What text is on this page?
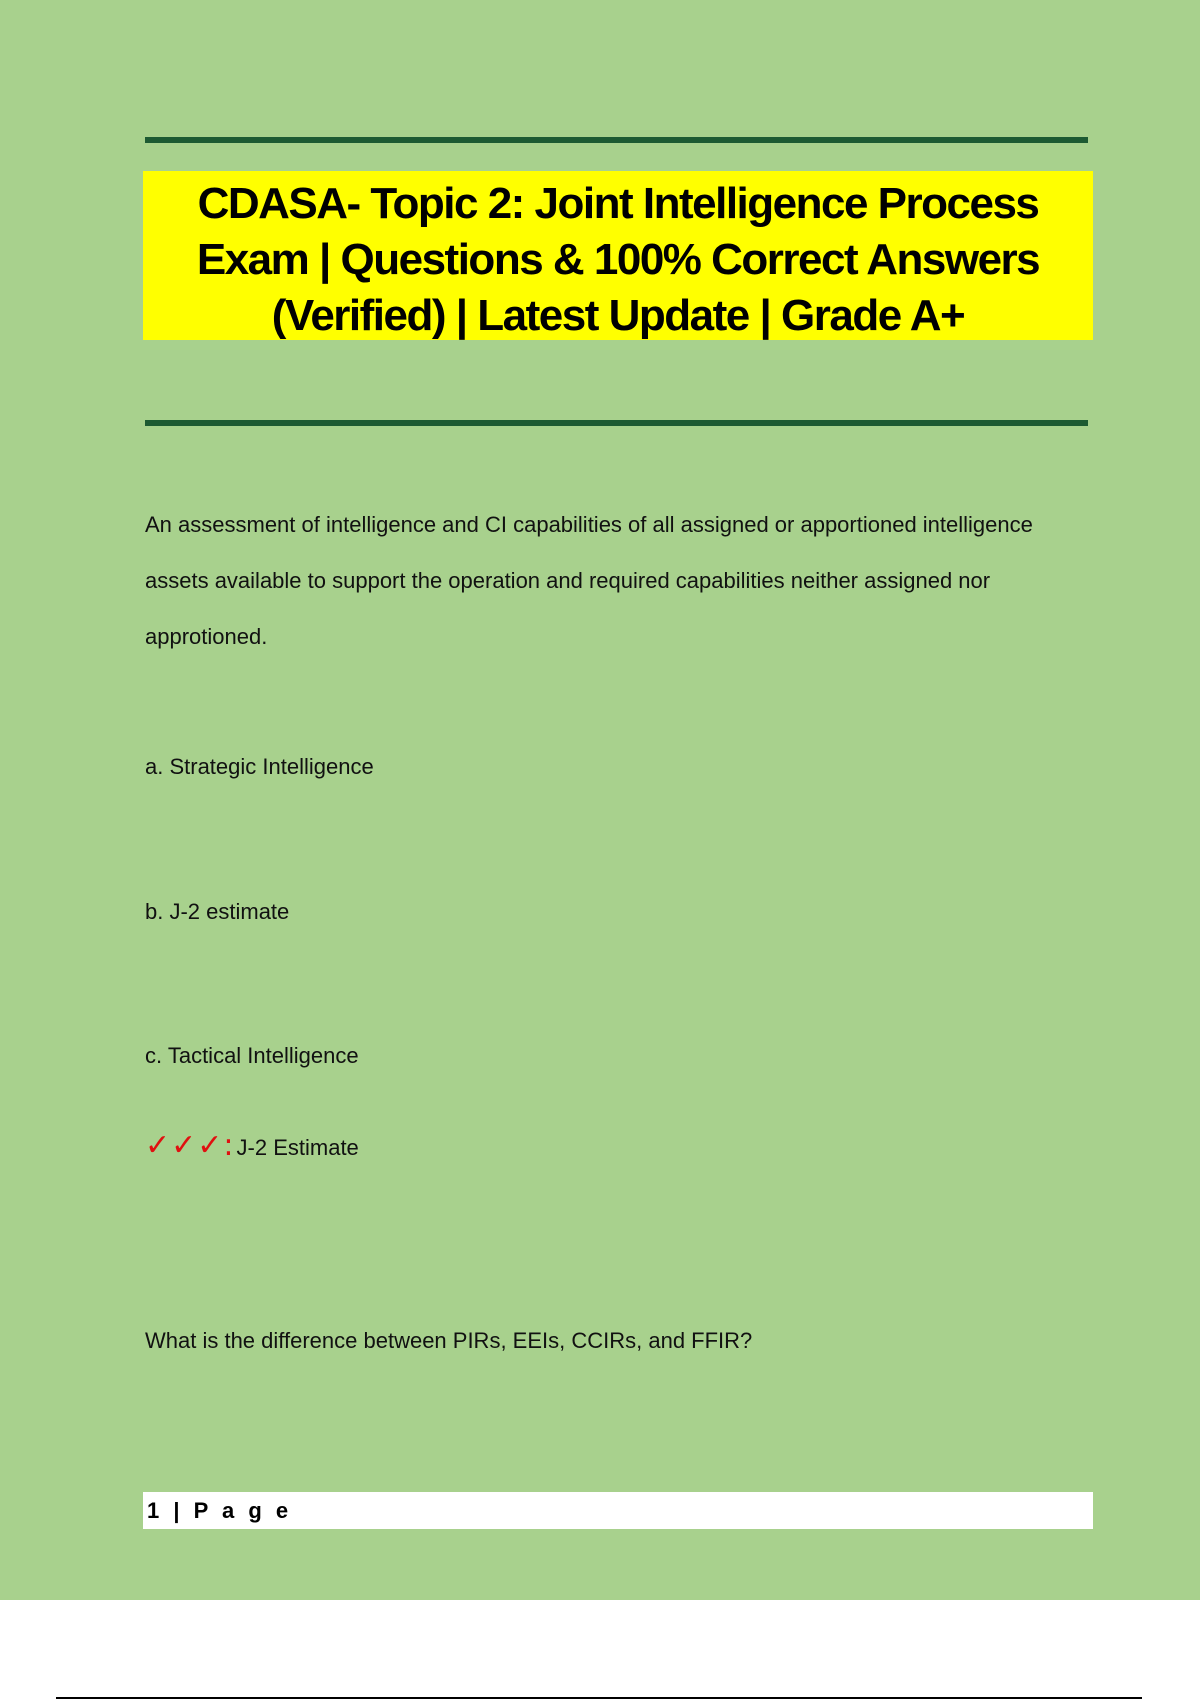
CDASA- Topic 2: Joint Intelligence Process Exam | Questions & 100% Correct Answers (Verified) | Latest Update | Grade A+

An assessment of intelligence and CI capabilities of all assigned or apportioned intelligence assets available to support the operation and required capabilities neither assigned nor approtioned.

a. Strategic Intelligence

b. J-2 estimate

c. Tactical Intelligence

✓✓✓: J-2 Estimate

What is the difference between PIRs, EEIs, CCIRs, and FFIR?

1 | P a g e
